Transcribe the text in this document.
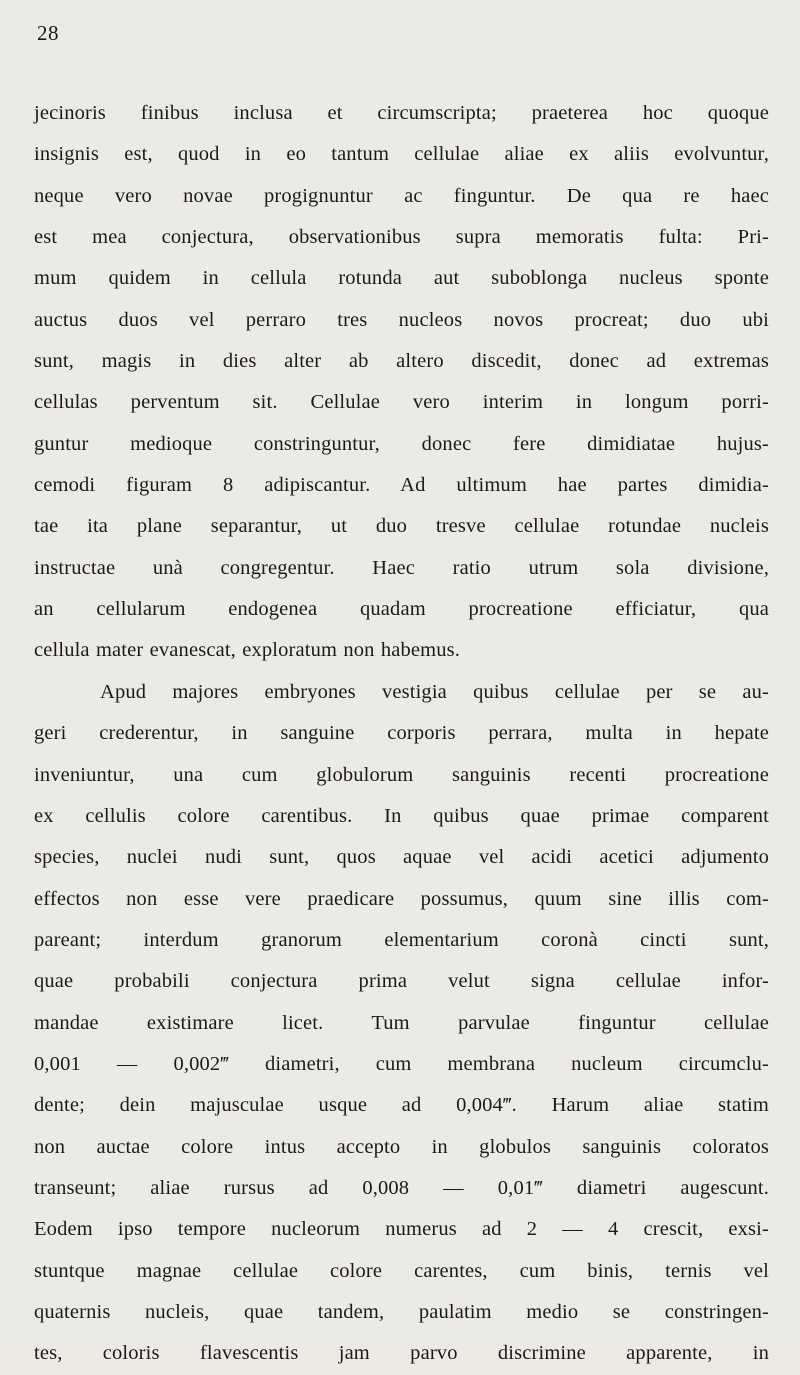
28
jecinoris finibus inclusa et circumscripta; praeterea hoc quoque
insignis est, quod in eo tantum cellulae aliae ex aliis evolvuntur,
neque vero novae progignuntur ac finguntur. De qua re haec
est mea conjectura, observationibus supra memoratis fulta: Pri-
mum quidem in cellula rotunda aut suboblonga nucleus sponte
auctus duos vel perraro tres nucleos novos procreat; duo ubi
sunt, magis in dies alter ab altero discedit, donec ad extremas
cellulas perventum sit. Cellulae vero interim in longum porri-
guntur medioque constringuntur, donec fere dimidiatae hujus-
cemodi figuram 8 adipiscantur. Ad ultimum hae partes dimidia-
tae ita plane separantur, ut duo tresve cellulae rotundae nucleis
instructae unà congregentur. Haec ratio utrum sola divisione,
an cellularum endogenea quadam procreatione efficiatur, qua
cellula mater evanescat, exploratum non habemus.
Apud majores embryones vestigia quibus cellulae per se au-
geri crederentur, in sanguine corporis perrara, multa in hepate
inveniuntur, una cum globulorum sanguinis recenti procreatione
ex cellulis colore carentibus. In quibus quae primae comparent
species, nuclei nudi sunt, quos aquae vel acidi acetici adjumento
effectos non esse vere praedicare possumus, quum sine illis com-
pareant; interdum granorum elementarium coronà cincti sunt,
quae probabili conjectura prima velut signa cellulae infor-
mandae existimare licet. Tum parvulae finguntur cellulae
0,001 — 0,002‴ diametri, cum membrana nucleum circumclu-
dente; dein majusculae usque ad 0,004‴. Harum aliae statim
non auctae colore intus accepto in globulos sanguinis coloratos
transeunt; aliae rursus ad 0,008 — 0,01‴ diametri augescunt.
Eodem ipso tempore nucleorum numerus ad 2 — 4 crescit, exsi-
stuntque magnae cellulae colore carentes, cum binis, ternis vel
quaternis nucleis, quae tandem, paulatim medio se constringen-
tes, coloris flavescentis jam parvo discrimine apparente, in
